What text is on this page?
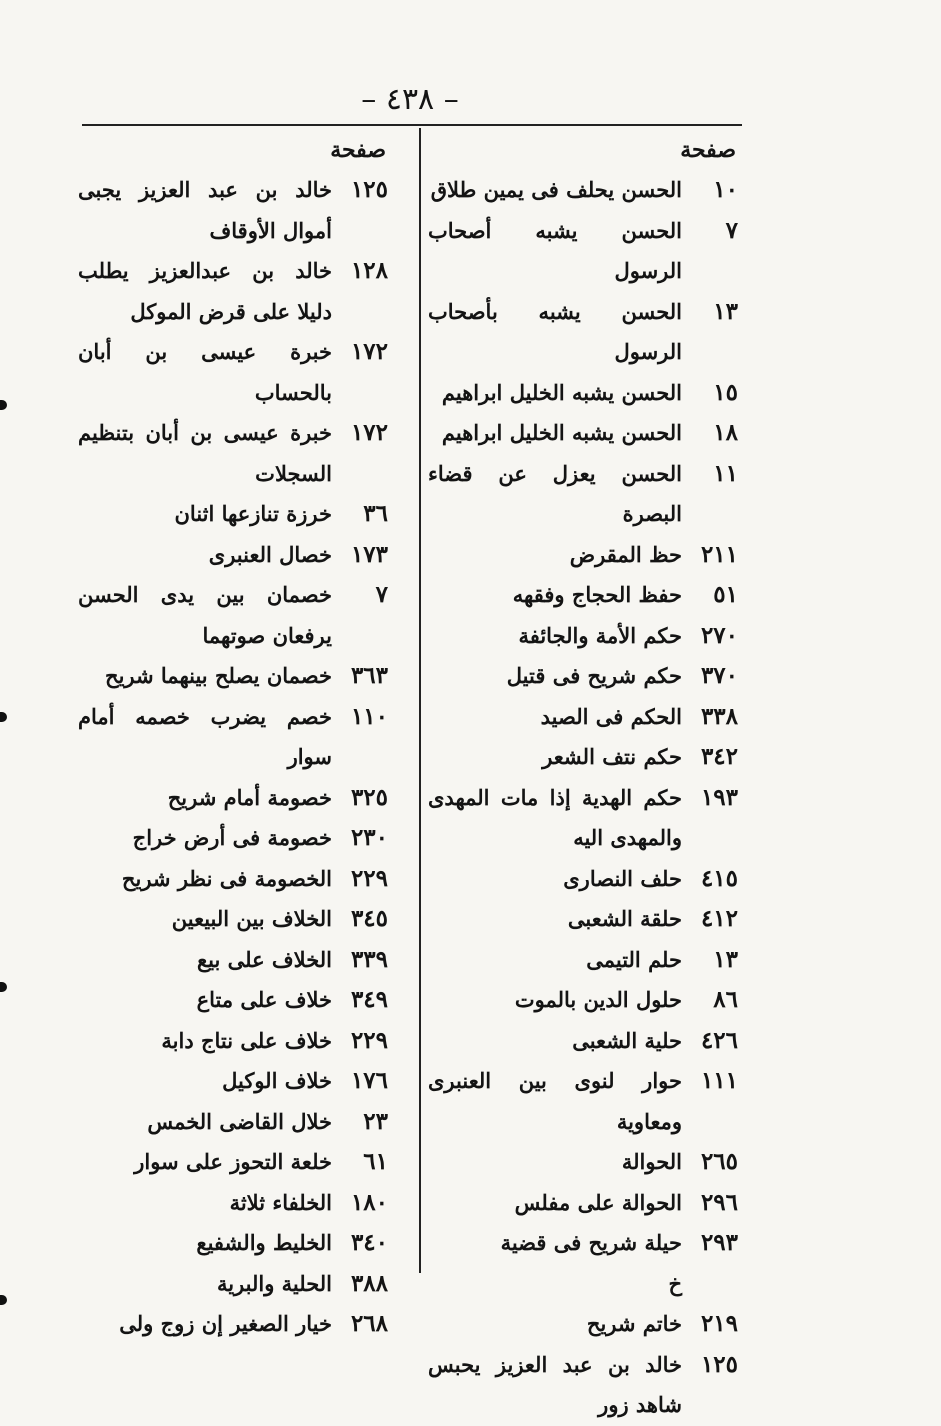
– ٤٣٨ –
صفحة
١٠
الحسن يحلف فى يمين طلاق
٧
الحسن يشبه أصحاب الرسول
١٣
الحسن يشبه بأصحاب الرسول
١٥
الحسن يشبه الخليل ابراهيم
١٨
الحسن يشبه الخليل ابراهيم
١١
الحسن يعزل عن قضاء البصرة
٢١١
حظ المقرض
٥١
حفظ الحجاج وفقهه
٢٧٠
حكم الأمة والجائفة
٣٧٠
حكم شريح فى قتيل
٣٣٨
الحكم فى الصيد
٣٤٢
حكم نتف الشعر
١٩٣
حكم الهدية إذا مات المهدى والمهدى اليه
٤١٥
حلف النصارى
٤١٢
حلقة الشعبى
١٣
حلم التيمى
٨٦
حلول الدين بالموت
٤٢٦
حلية الشعبى
١١١
حوار لنوى بين العنبرى ومعاوية
٢٦٥
الحوالة
٢٩٦
الحوالة على مفلس
٢٩٣
حيلة شريح فى قضية
خ
٢١٩
خاتم شريح
١٢٥
خالد بن عبد العزيز يحبس شاهد زور
صفحة
١٢٥
خالد بن عبد العزيز يجبى أموال الأوقاف
١٢٨
خالد بن عبدالعزيز يطلب دليلا على قرض الموكل
١٧٢
خبرة عيسى بن أبان بالحساب
١٧٢
خبرة عيسى بن أبان بتنظيم السجلات
٣٦
خرزة تنازعها اثنان
١٧٣
خصال العنبرى
٧
خصمان بين يدى الحسن يرفعان صوتهما
٣٦٣
خصمان يصلح بينهما شريح
١١٠
خصم يضرب خصمه أمام سوار
٣٢٥
خصومة أمام شريح
٢٣٠
خصومة فى أرض خراج
٢٢٩
الخصومة فى نظر شريح
٣٤٥
الخلاف بين البيعين
٣٣٩
الخلاف على بيع
٣٤٩
خلاف على متاع
٢٢٩
خلاف على نتاج دابة
١٧٦
خلاف الوكيل
٢٣
خلال القاضى الخمس
٦١
خلعة التحوز على سوار
١٨٠
الخلفاء ثلاثة
٣٤٠
الخليط والشفيع
٣٨٨
الحلية والبرية
٢٦٨
خيار الصغير إن زوج ولى
